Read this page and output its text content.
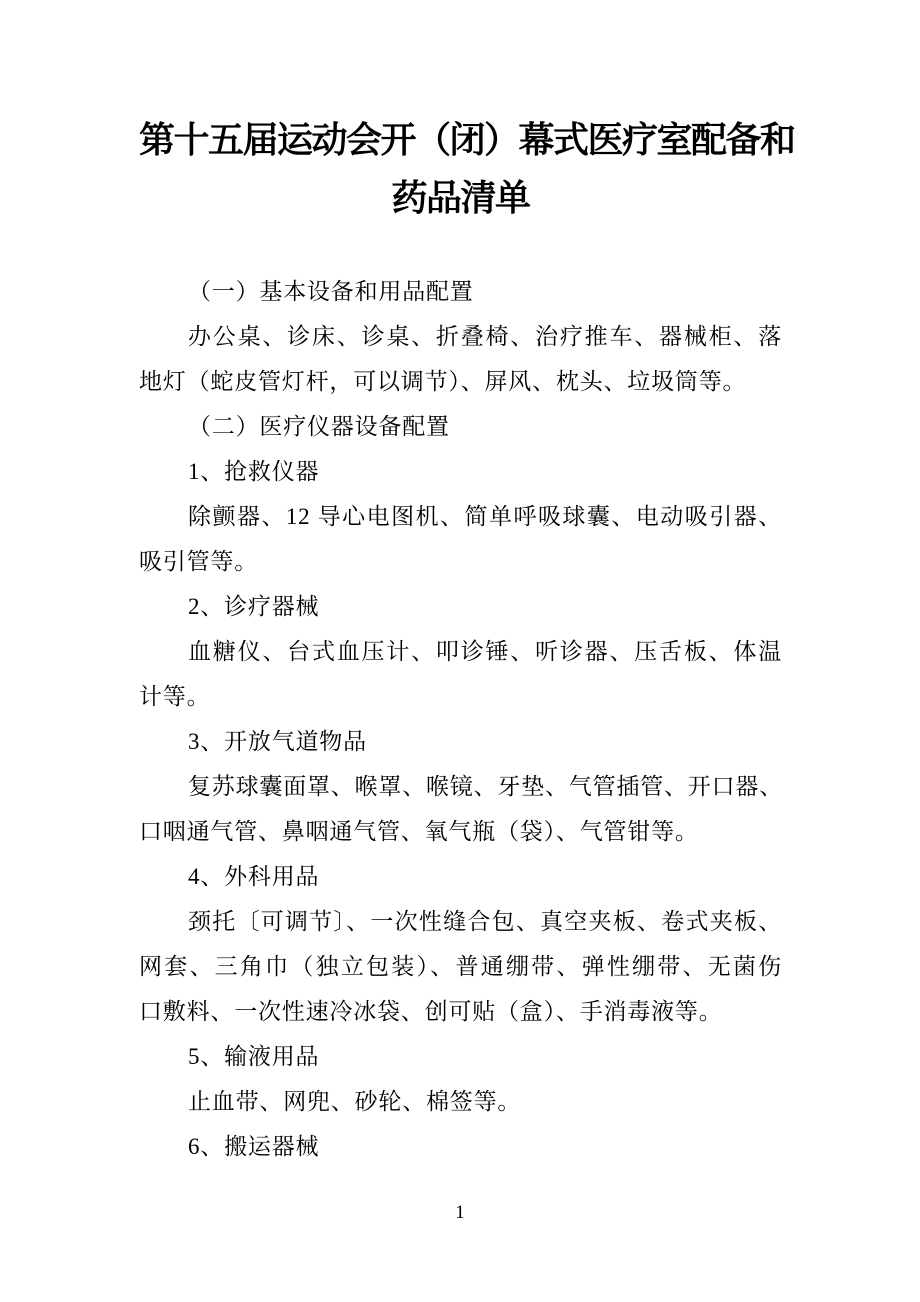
第十五届运动会开（闭）幕式医疗室配备和
药品清单
（一）基本设备和用品配置
办公桌、诊床、诊桌、折叠椅、治疗推车、器械柜、落
地灯（蛇皮管灯杆，可以调节）、屏风、枕头、垃圾筒等。
（二）医疗仪器设备配置
1、抢救仪器
除颤器、12 导心电图机、简单呼吸球囊、电动吸引器、
吸引管等。
2、诊疗器械
血糖仪、台式血压计、叩诊锤、听诊器、压舌板、体温
计等。
3、开放气道物品
复苏球囊面罩、喉罩、喉镜、牙垫、气管插管、开口器、
口咽通气管、鼻咽通气管、氧气瓶（袋）、气管钳等。
4、外科用品
颈托〔可调节〕、一次性缝合包、真空夹板、卷式夹板、
网套、三角巾（独立包装）、普通绷带、弹性绷带、无菌伤
口敷料、一次性速冷冰袋、创可贴（盒）、手消毒液等。
5、输液用品
止血带、网兜、砂轮、棉签等。
6、搬运器械
1
